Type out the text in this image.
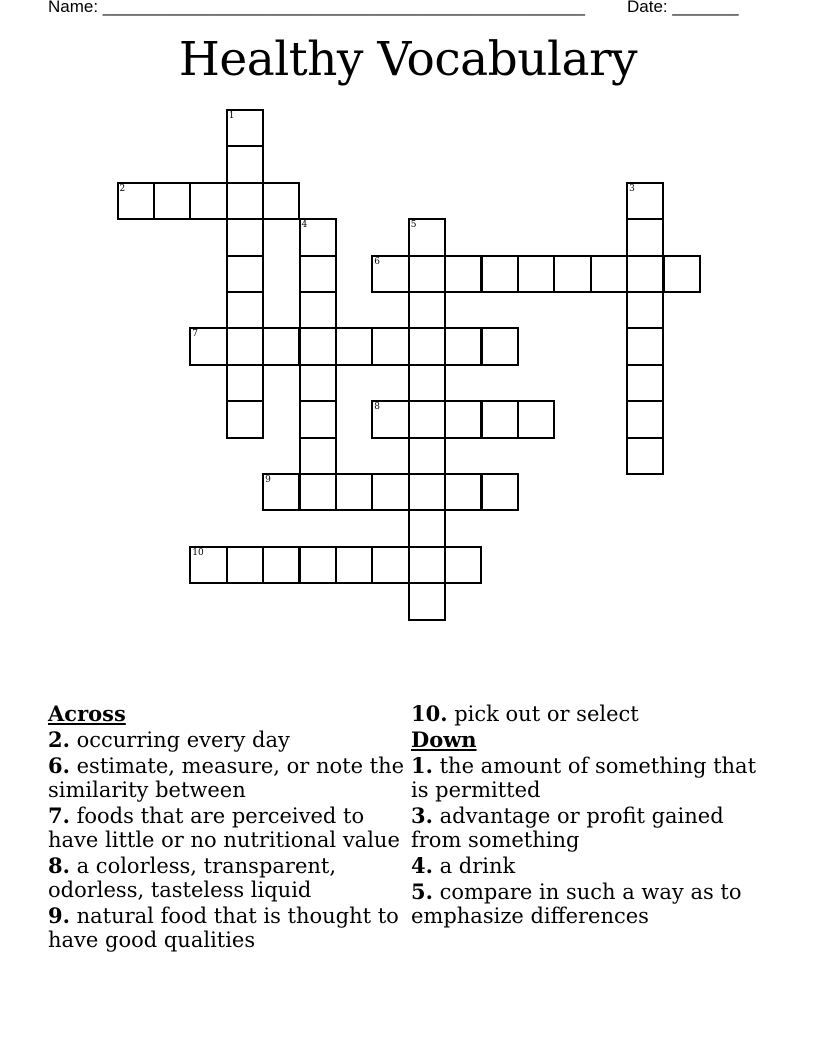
Name: ___________________________________________________ Date: _______
Healthy Vocabulary
1
2	3
4	5
6
7
8
9
10
Across
2. occurring every day
6. estimate, measure, or note the similarity between
7. foods that are perceived to have little or no nutritional value
8. a colorless, transparent, odorless, tasteless liquid
9. natural food that is thought to have good qualities
10. pick out or select
Down
1. the amount of something that is permitted
3. advantage or profit gained from something
4. a drink
5. compare in such a way as to emphasize differences
